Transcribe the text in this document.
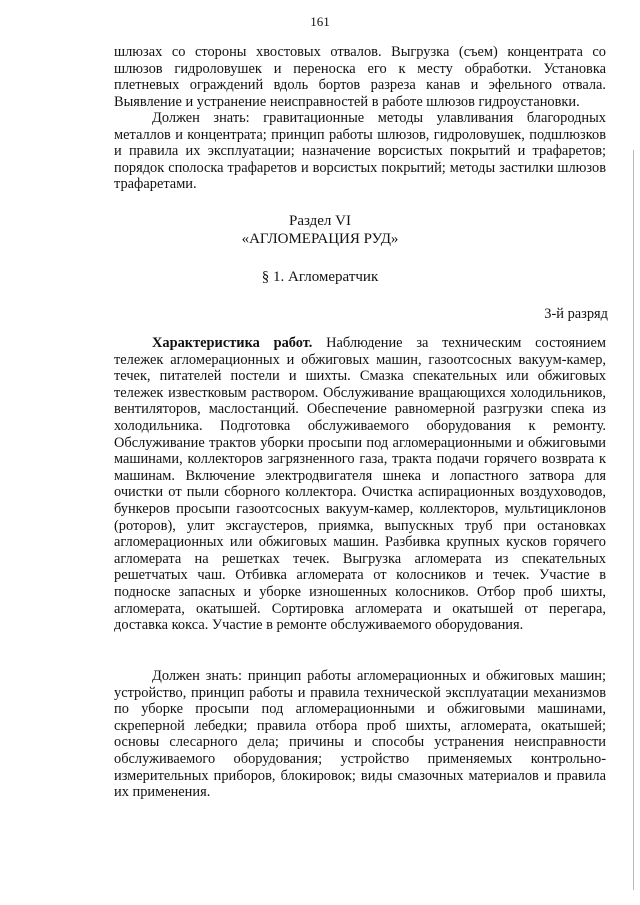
161

шлюзах со стороны хвостовых отвалов. Выгрузка (съем) концентрата со шлюзов гидроловушек и переноска его к месту обработки. Установка плетневых ограждений вдоль бортов разреза канав и эфельного отвала. Выявление и устранение неисправностей в работе шлюзов гидроустановки.

Должен знать: гравитационные методы улавливания благородных металлов и концентрата; принцип работы шлюзов, гидроловушек, подшлюзков и правила их эксплуатации; назначение ворсистых покрытий и трафаретов; порядок сполоска трафаретов и ворсистых покрытий; методы застилки шлюзов трафаретами.

Раздел VI
«АГЛОМЕРАЦИЯ РУД»
§ 1. Агломератчик
3-й разряд

Характеристика работ. Наблюдение за техническим состоянием тележек агломерационных и обжиговых машин, газоотсосных вакуум-камер, течек, питателей постели и шихты. Смазка спекательных или обжиговых тележек известковым раствором. Обслуживание вращающихся холодильников, вентиляторов, маслостанций. Обеспечение равномерной разгрузки спека из холодильника. Подготовка обслуживаемого оборудования к ремонту. Обслуживание трактов уборки просыпи под агломерационными и обжиговыми машинами, коллекторов загрязненного газа, тракта подачи горячего возврата к машинам. Включение электродвигателя шнека и лопастного затвора для очистки от пыли сборного коллектора. Очистка аспирационных воздуховодов, бункеров просыпи газоотсосных вакуум-камер, коллекторов, мультициклонов (роторов), улит эксгаустеров, приямка, выпускных труб при остановках агломерационных или обжиговых машин. Разбивка крупных кусков горячего агломерата на решетках течек. Выгрузка агломерата из спекательных решетчатых чаш. Отбивка агломерата от колосников и течек. Участие в подноске запасных и уборке изношенных колосников. Отбор проб шихты, агломерата, окатышей. Сортировка агломерата и окатышей от перегара, доставка кокса. Участие в ремонте обслуживаемого оборудования.

Должен знать: принцип работы агломерационных и обжиговых машин; устройство, принцип работы и правила технической эксплуатации механизмов по уборке просыпи под агломерационными и обжиговыми машинами, скреперной лебедки; правила отбора проб шихты, агломерата, окатышей; основы слесарного дела; причины и способы устранения неисправности обслуживаемого оборудования; устройство применяемых контрольно-измерительных приборов, блокировок; виды смазочных материалов и правила их применения.
